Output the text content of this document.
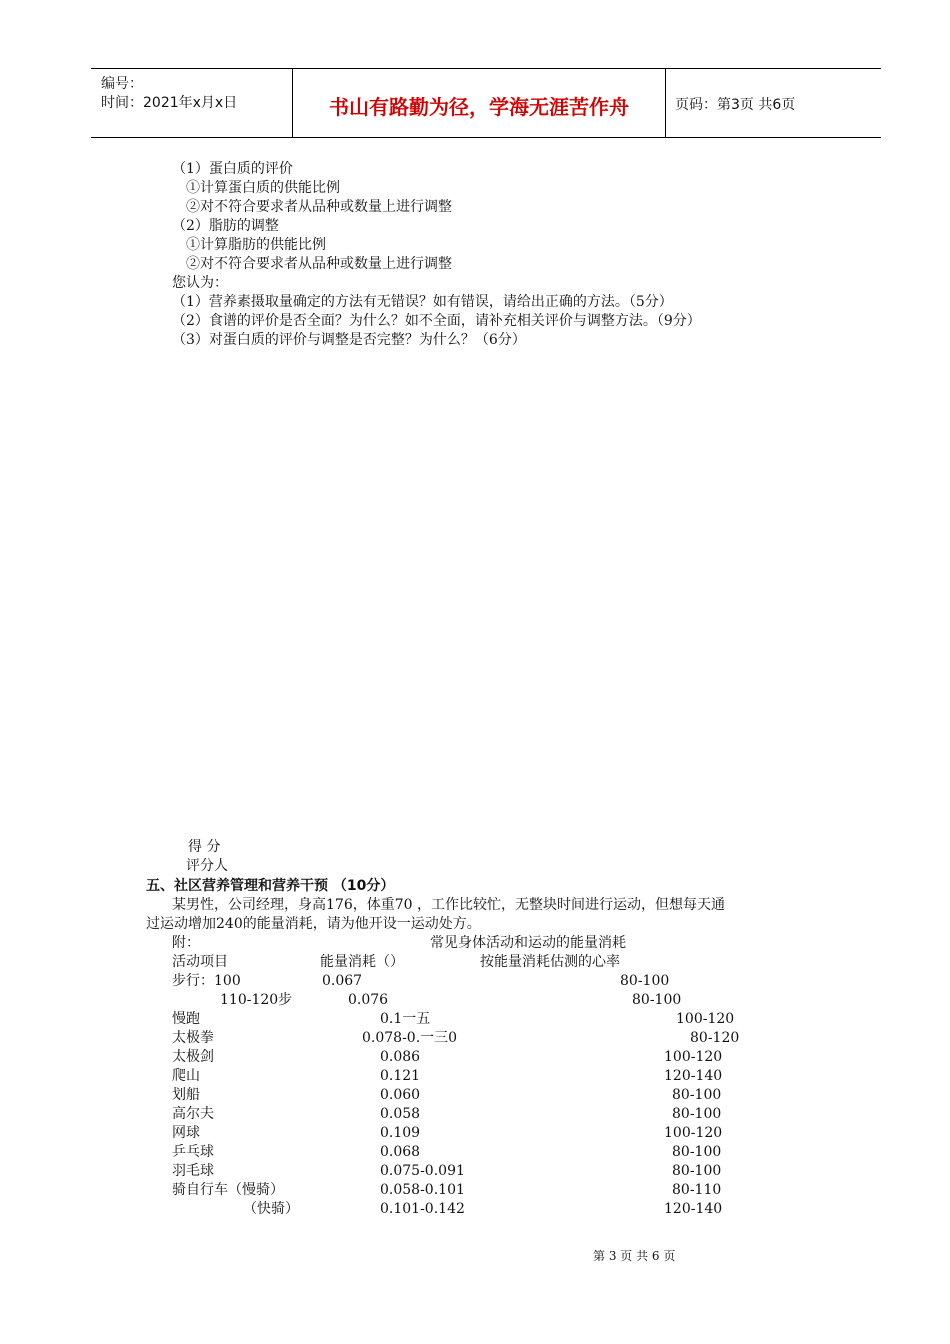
编号：
时间：2021年x月x日	书山有路勤为径，学海无涯苦作舟	页码：第3页 共6页
（1）蛋白质的评价
①计算蛋白质的供能比例
②对不符合要求者从品种或数量上进行调整
（2）脂肪的调整
①计算脂肪的供能比例
②对不符合要求者从品种或数量上进行调整
您认为：
（1）营养素摄取量确定的方法有无错误？如有错误，请给出正确的方法。（5分）
（2）食谱的评价是否全面？为什么？如不全面，请补充相关评价与调整方法。（9分）
（3）对蛋白质的评价与调整是否完整？为什么？（6分）
得 分
评分人
五、社区营养管理和营养干预 （10分）
某男性，公司经理，身高176，体重70 ，工作比较忙，无整块时间进行运动，但想每天通
过运动增加240的能量消耗，请为他开设一运动处方。
附：	常见身体活动和运动的能量消耗
活动项目	能量消耗（）	按能量消耗估测的心率
步行：100	0.067	80-100
110-120步	0.076	80-100
慢跑	0.1一五	100-120
太极拳	0.078-0.一三0	80-120
太极剑	0.086	100-120
爬山	0.121	120-140
划船	0.060	80-100
高尔夫	0.058	80-100
网球	0.109	100-120
乒乓球	0.068	80-100
羽毛球	0.075-0.091	80-100
骑自行车（慢骑）	0.058-0.101	80-110
（快骑）	0.101-0.142	120-140
第 3 页 共 6 页
